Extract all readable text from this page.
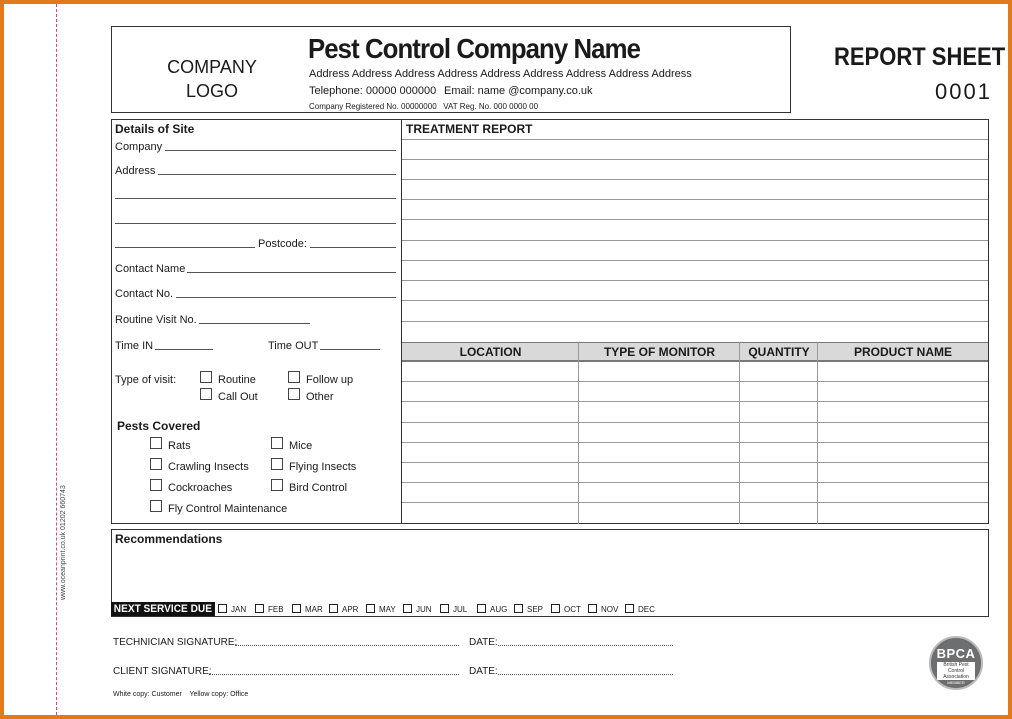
www.oceanprint.co.uk 01202 660743
COMPANY
LOGO
Pest Control Company Name
Address Address Address Address Address Address Address Address Address
Telephone: 00000 000000 Email: name @company.co.uk
Company Registered No. 00000000   VAT Reg. No. 000 0000 00
REPORT SHEET
0001
Details of Site
Company
Address
Postcode:
Contact Name
Contact No.
Routine Visit No.
Time IN	Time OUT
Type of visit:	Routine	Follow up
Call Out	Other
Pests Covered
Rats	Mice
Crawling Insects	Flying Insects
Cockroaches	Bird Control
Fly Control Maintenance
TREATMENT REPORT
LOCATION	TYPE OF MONITOR	QUANTITY	PRODUCT NAME
Recommendations
NEXT SERVICE DUE	JAN	FEB	MAR APR	MAY	JUN	JUL	AUG SEP	OCT	NOV DEC
TECHNICIAN SIGNATURE:	DATE:
CLIENT SIGNATURE:	DATE:
White copy: Customer    Yellow copy: Office
BPCA
British Pest
Control
Association
MEMBER
